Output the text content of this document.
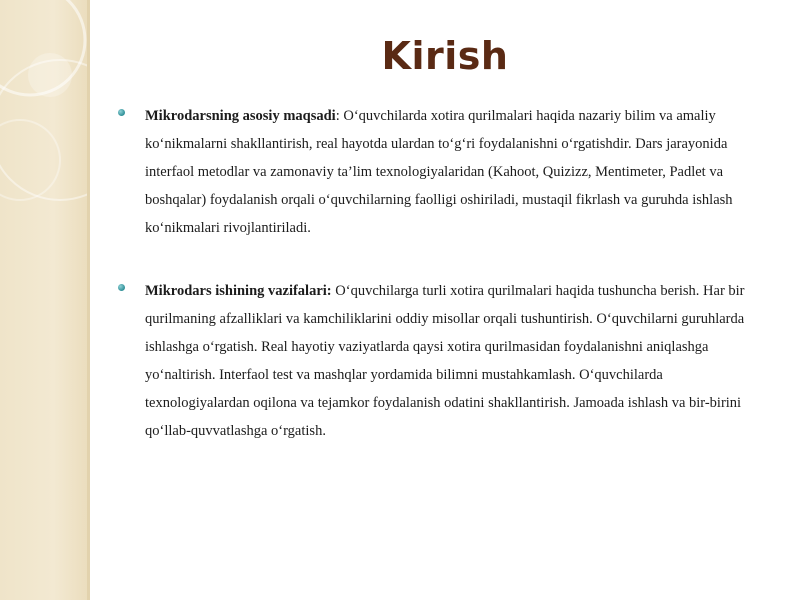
Kirish

Mikrodarsning asosiy maqsadi: O‘quvchilarda xotira qurilmalari haqida nazariy bilim va amaliy ko‘nikmalarni shakllantirish, real hayotda ulardan to‘g‘ri foydalanishni o‘rgatishdir. Dars jarayonida interfaol metodlar va zamonaviy ta’lim texnologiyalaridan (Kahoot, Quizizz, Mentimeter, Padlet va boshqalar) foydalanish orqali o‘quvchilarning faolligi oshiriladi, mustaqil fikrlash va guruhda ishlash ko‘nikmalari rivojlantiriladi.

Mikrodars ishining vazifalari: O‘quvchilarga turli xotira qurilmalari haqida tushuncha berish. Har bir qurilmaning afzalliklari va kamchiliklarini oddiy misollar orqali tushuntirish. O‘quvchilarni guruhlarda ishlashga o‘rgatish. Real hayotiy vaziyatlarda qaysi xotira qurilmasidan foydalanishni aniqlashga yo‘naltirish. Interfaol test va mashqlar yordamida bilimni mustahkamlash. O‘quvchilarda texnologiyalardan oqilona va tejamkor foydalanish odatini shakllantirish. Jamoada ishlash va bir-birini qo‘llab-quvvatlashga o‘rgatish.
